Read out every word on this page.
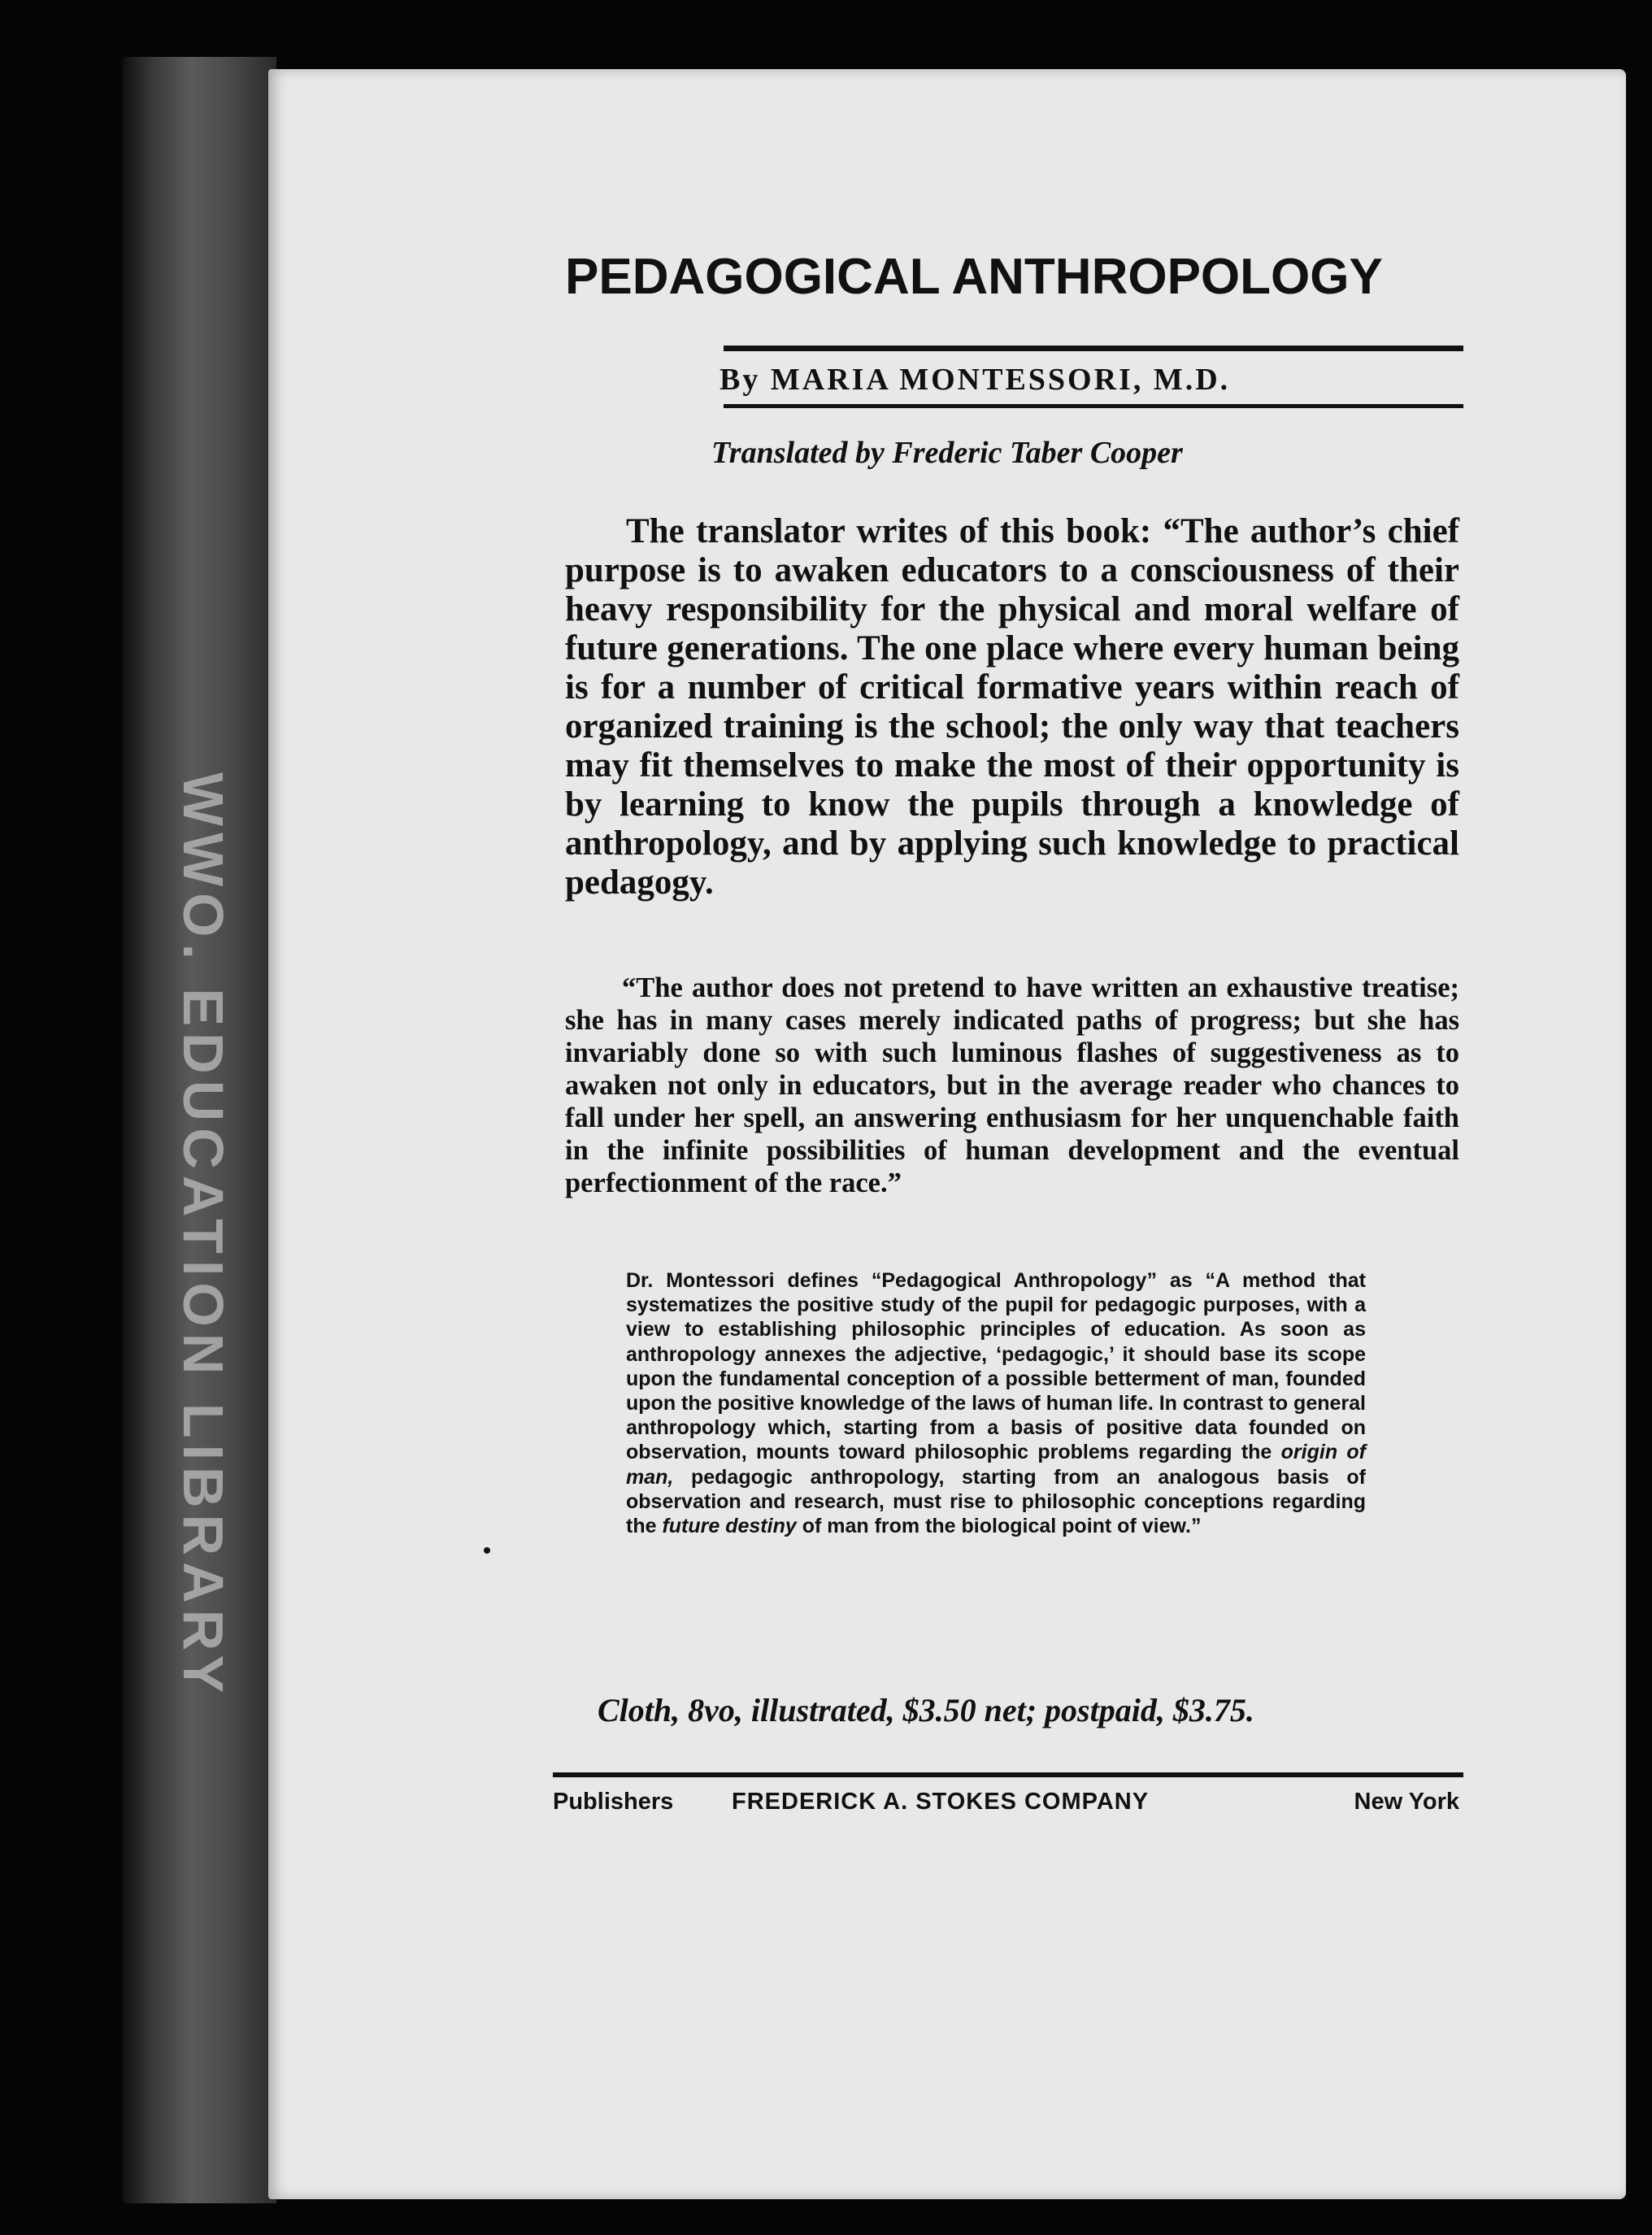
WWO. EDUCATION LIBRARY
PEDAGOGICAL ANTHROPOLOGY
By MARIA MONTESSORI, M.D.
Translated by Frederic Taber Cooper
The translator writes of this book: “The author’s chief purpose is to awaken educators to a consciousness of their heavy responsibility for the physical and moral welfare of future generations. The one place where every human being is for a number of critical formative years within reach of organized training is the school; the only way that teachers may fit themselves to make the most of their opportunity is by learning to know the pupils through a knowledge of anthropology, and by applying such knowledge to practical pedagogy.
“The author does not pretend to have written an exhaustive treatise; she has in many cases merely indicated paths of progress; but she has invariably done so with such luminous flashes of suggestiveness as to awaken not only in educators, but in the average reader who chances to fall under her spell, an answering enthusiasm for her unquenchable faith in the infinite possibilities of human development and the eventual perfectionment of the race.”
Dr. Montessori defines “Pedagogical Anthropology” as “A method that systematizes the positive study of the pupil for pedagogic purposes, with a view to establishing philosophic principles of education. As soon as anthropology annexes the adjective, ‘pedagogic,’ it should base its scope upon the fundamental conception of a possible betterment of man, founded upon the positive knowledge of the laws of human life. In contrast to general anthropology which, starting from a basis of positive data founded on observation, mounts toward philosophic problems regarding the origin of man, pedagogic anthropology, starting from an analogous basis of observation and research, must rise to philosophic conceptions regarding the future destiny of man from the biological point of view.”
Cloth, 8vo, illustrated, $3.50 net; postpaid, $3.75.
Publishers FREDERICK A. STOKES COMPANY	New York
